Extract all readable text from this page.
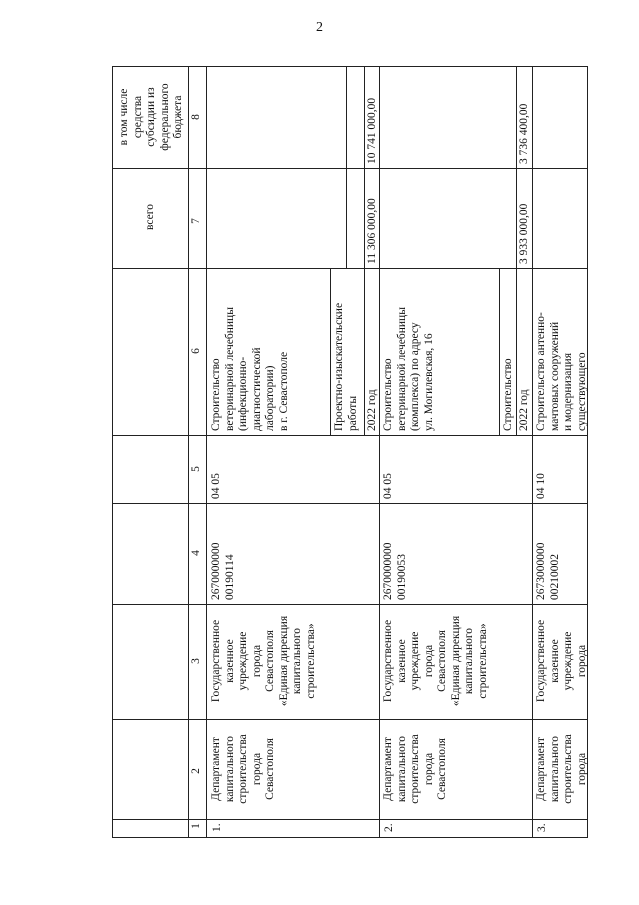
2
1
2
3
4
5
6
7
8
всего
в том числе средства субсидии из федерального бюджета
1.
Департамент капитального строительства города Севастополя
Государственное казенное учреждение города Севастополя «Единая дирекция капитального строительства»
2670000000 00190114
04 05
Строительство ветеринарной лечебницы (инфекционно- диагностической лаборатории) в г. Севастополе	Проектно-изыскательские работы 2022 год
11 306 000,00
10 741 000,00
2.
Департамент капитального строительства города Севастополя
Государственное казенное учреждение города Севастополя «Единая дирекция капитального строительства»
2670000000 00190053
04 05
Строительство ветеринарной лечебницы (комплекса) по адресу ул. Могилевская, 16	Строительство 2022 год
3 933 000,00
3 736 400,00
3.
Департамент капитального строительства города
Государственное казенное учреждение города
2673000000 00210002
04 10
Строительство антенно- мачтовых сооружений и модернизация существующего
